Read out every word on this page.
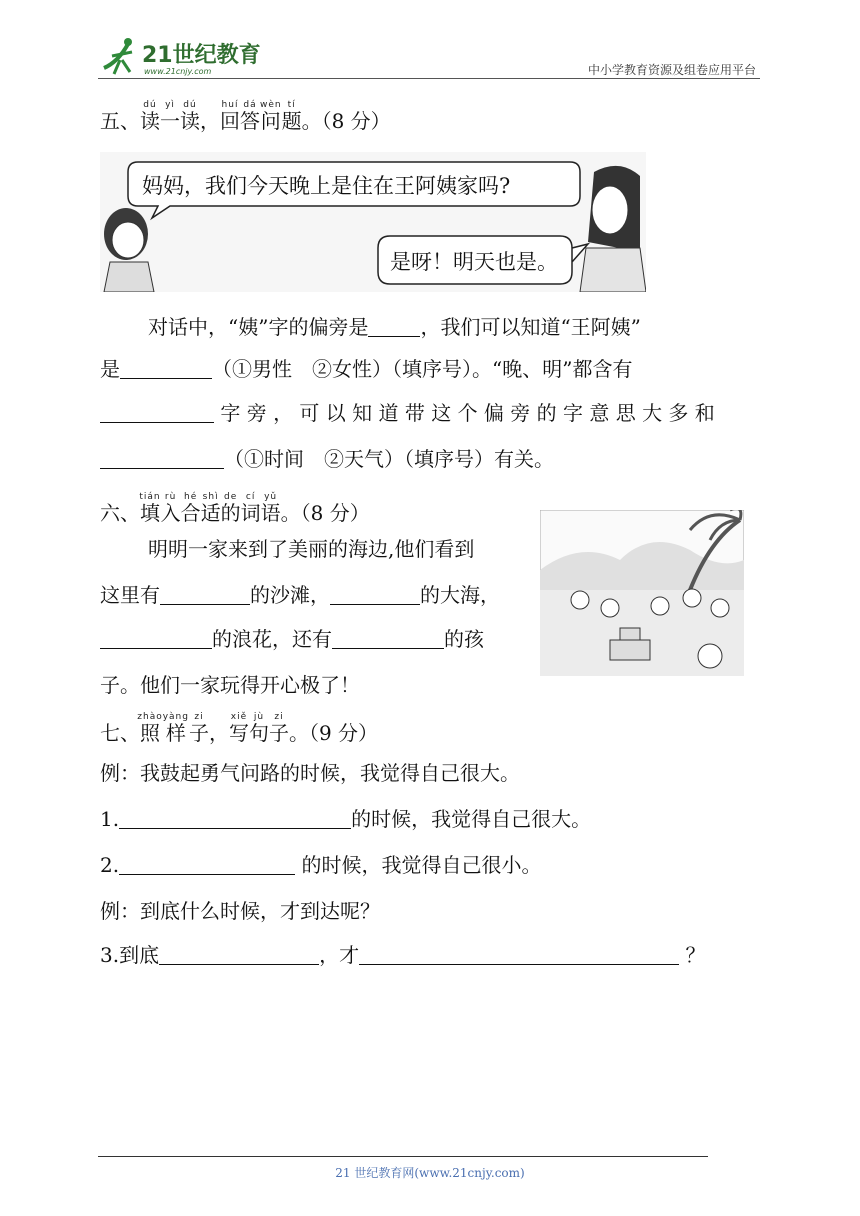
21世纪教育
www.21cnjy.com	中小学教育资源及组卷应用平台
五、读dú一yì读dú，回huí答dá问wèn题tí。（8 分）
妈妈，我们今天晚上是住在王阿姨家吗?
是呀！明天也是。
对话中，“姨”字的偏旁是	，我们可以知道“王阿姨”
是	（①男性　②女性）（填序号）。“晚、明”都含有
字 旁 ， 可 以 知 道 带 这 个 偏 旁 的 字 意 思 大 多 和
（①时间　②天气）（填序号）有关。
六、填tián入rù合hé适shì的de词cí语yǔ。（8 分）
明明一家来到了美丽的海边,他们看到
这里有	的沙滩，	的大海，
的浪花，还有	的孩
子。他们一家玩得开心极了！
七、照zhào样yàng子zi，写xiě句jù子zi。（9 分）
例：我鼓起勇气问路的时候，我觉得自己很大。
1.	的时候，我觉得自己很大。
2.	的时候，我觉得自己很小。
例：到底什么时候，才到达呢？
3.到底	，才	？
21 世纪教育网(www.21cnjy.com)
